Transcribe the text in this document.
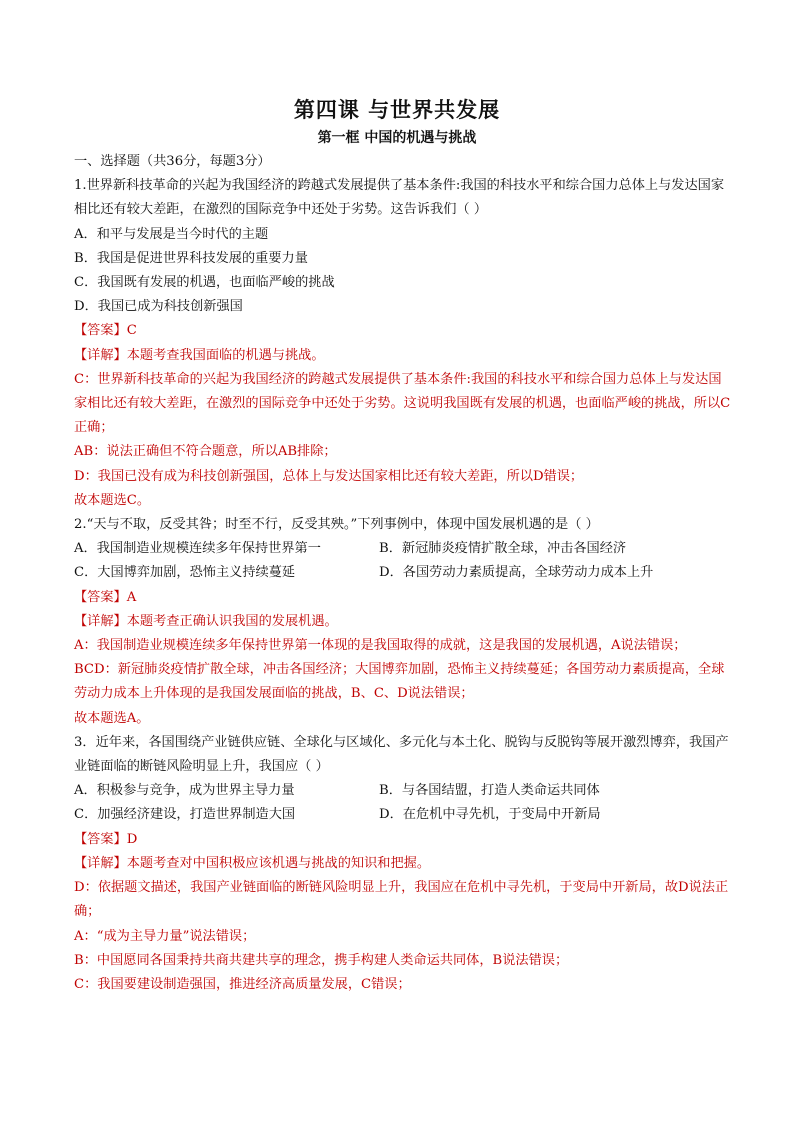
第四课 与世界共发展
第一框 中国的机遇与挑战
一、选择题（共36分，每题3分）
1.世界新科技革命的兴起为我国经济的跨越式发展提供了基本条件:我国的科技水平和综合国力总体上与发达国家相比还有较大差距，在激烈的国际竞争中还处于劣势。这告诉我们（ ）
A．和平与发展是当今时代的主题
B．我国是促进世界科技发展的重要力量
C．我国既有发展的机遇，也面临严峻的挑战
D．我国已成为科技创新强国
【答案】C
【详解】本题考查我国面临的机遇与挑战。
C：世界新科技革命的兴起为我国经济的跨越式发展提供了基本条件:我国的科技水平和综合国力总体上与发达国家相比还有较大差距，在激烈的国际竞争中还处于劣势。这说明我国既有发展的机遇，也面临严峻的挑战，所以C正确；
AB：说法正确但不符合题意，所以AB排除；
D：我国已没有成为科技创新强国，总体上与发达国家相比还有较大差距，所以D错误；
故本题选C。
2.“天与不取，反受其咎；时至不行，反受其殃。”下列事例中，体现中国发展机遇的是（ ）
A．我国制造业规模连续多年保持世界第一	B．新冠肺炎疫情扩散全球，冲击各国经济
C．大国博弈加剧，恐怖主义持续蔓延	D．各国劳动力素质提高，全球劳动力成本上升
【答案】A
【详解】本题考查正确认识我国的发展机遇。
A：我国制造业规模连续多年保持世界第一体现的是我国取得的成就，这是我国的发展机遇，A说法错误；
BCD：新冠肺炎疫情扩散全球，冲击各国经济；大国博弈加剧，恐怖主义持续蔓延；各国劳动力素质提高，全球劳动力成本上升体现的是我国发展面临的挑战，B、C、D说法错误；
故本题选A。
3．近年来，各国围绕产业链供应链、全球化与区域化、多元化与本土化、脱钩与反脱钩等展开激烈博弈，我国产业链面临的断链风险明显上升，我国应（ ）
A．积极参与竞争，成为世界主导力量	B．与各国结盟，打造人类命运共同体
C．加强经济建设，打造世界制造大国	D．在危机中寻先机，于变局中开新局
【答案】D
【详解】本题考查对中国积极应该机遇与挑战的知识和把握。
D：依据题文描述，我国产业链面临的断链风险明显上升，我国应在危机中寻先机，于变局中开新局，故D说法正确；
A：“成为主导力量”说法错误；
B：中国愿同各国秉持共商共建共享的理念，携手构建人类命运共同体，B说法错误；
C：我国要建设制造强国，推进经济高质量发展，C错误；
